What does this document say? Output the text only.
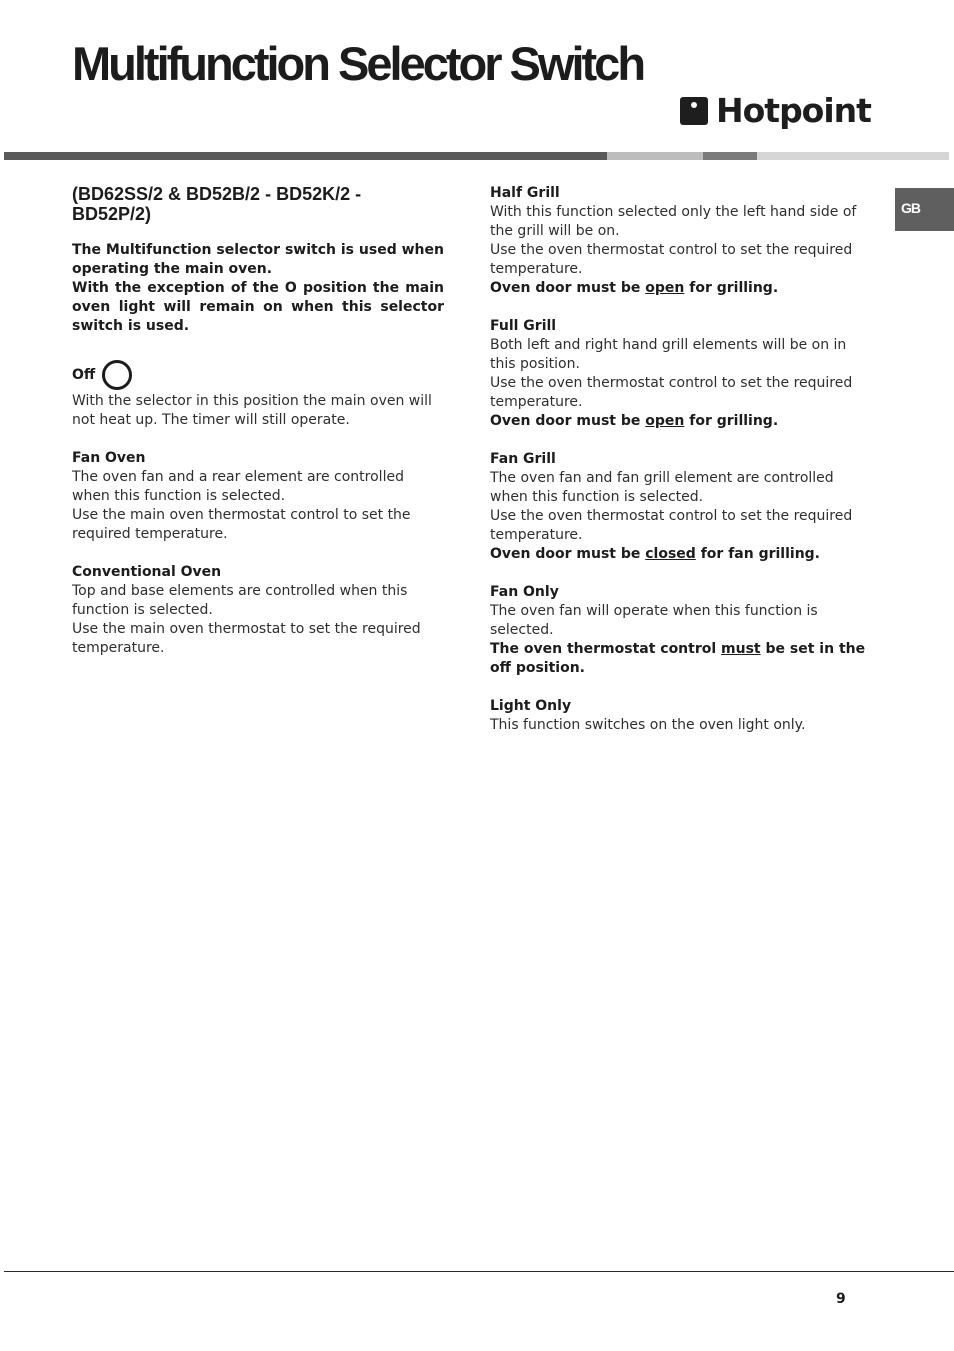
Multifunction Selector Switch
Hotpoint
GB
(BD62SS/2 & BD52B/2 - BD52K/2 - BD52P/2)

The Multifunction selector switch is used when operating the main oven.

With the exception of the O position the main oven light will remain on when this selector switch is used.

Off

With the selector in this position the main oven will not heat up. The timer will still operate.

Fan Oven

The oven fan and a rear element are controlled when this function is selected.

Use the main oven thermostat control to set the required temperature.

Conventional Oven

Top and base elements are controlled when this function is selected.

Use the main oven thermostat to set the required temperature.

Half Grill

With this function selected only the left hand side of the grill will be on.

Use the oven thermostat control to set the required temperature.

Oven door must be open for grilling.

Full Grill

Both left and right hand grill elements will be on in this position.

Use the oven thermostat control to set the required temperature.

Oven door must be open for grilling.

Fan Grill

The oven fan and fan grill element are controlled when this function is selected.

Use the oven thermostat control to set the required temperature.

Oven door must be closed for fan grilling.

Fan Only

The oven fan will operate when this function is selected.

The oven thermostat control must be set in the off position.

Light Only

This function switches on the oven light only.

9
